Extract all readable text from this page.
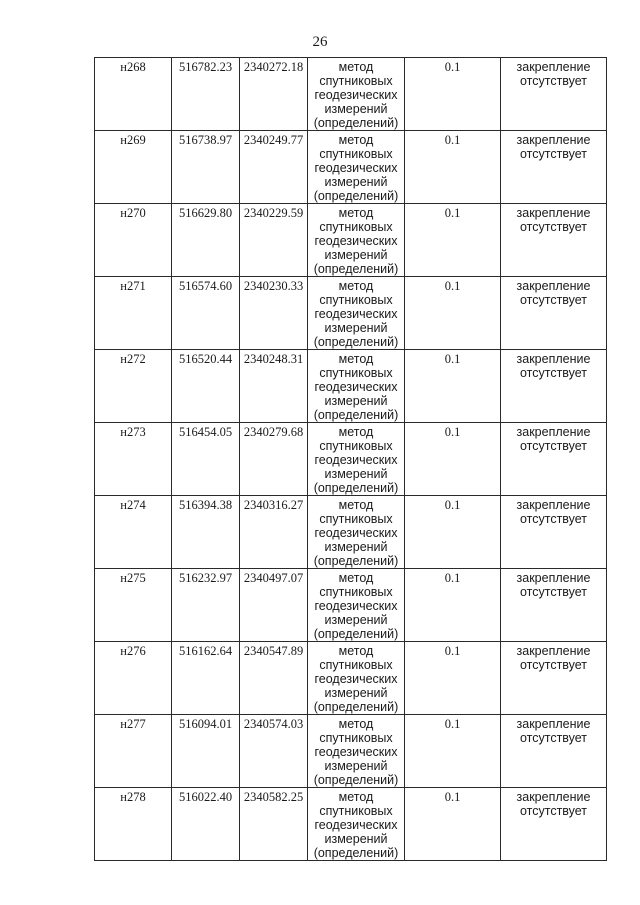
26
н268	516782.23	2340272.18	метод
спутниковых
геодезических
измерений
(определений)	0.1	закрепление
отсутствует

н269	516738.97	2340249.77	метод
спутниковых
геодезических
измерений
(определений)	0.1	закрепление
отсутствует

н270	516629.80	2340229.59	метод
спутниковых
геодезических
измерений
(определений)	0.1	закрепление
отсутствует

н271	516574.60	2340230.33	метод
спутниковых
геодезических
измерений
(определений)	0.1	закрепление
отсутствует

н272	516520.44	2340248.31	метод
спутниковых
геодезических
измерений
(определений)	0.1	закрепление
отсутствует

н273	516454.05	2340279.68	метод
спутниковых
геодезических
измерений
(определений)	0.1	закрепление
отсутствует

н274	516394.38	2340316.27	метод
спутниковых
геодезических
измерений
(определений)	0.1	закрепление
отсутствует

н275	516232.97	2340497.07	метод
спутниковых
геодезических
измерений
(определений)	0.1	закрепление
отсутствует

н276	516162.64	2340547.89	метод
спутниковых
геодезических
измерений
(определений)	0.1	закрепление
отсутствует

н277	516094.01	2340574.03	метод
спутниковых
геодезических
измерений
(определений)	0.1	закрепление
отсутствует

н278	516022.40	2340582.25	метод
спутниковых
геодезических
измерений
(определений)	0.1	закрепление
отсутствует
